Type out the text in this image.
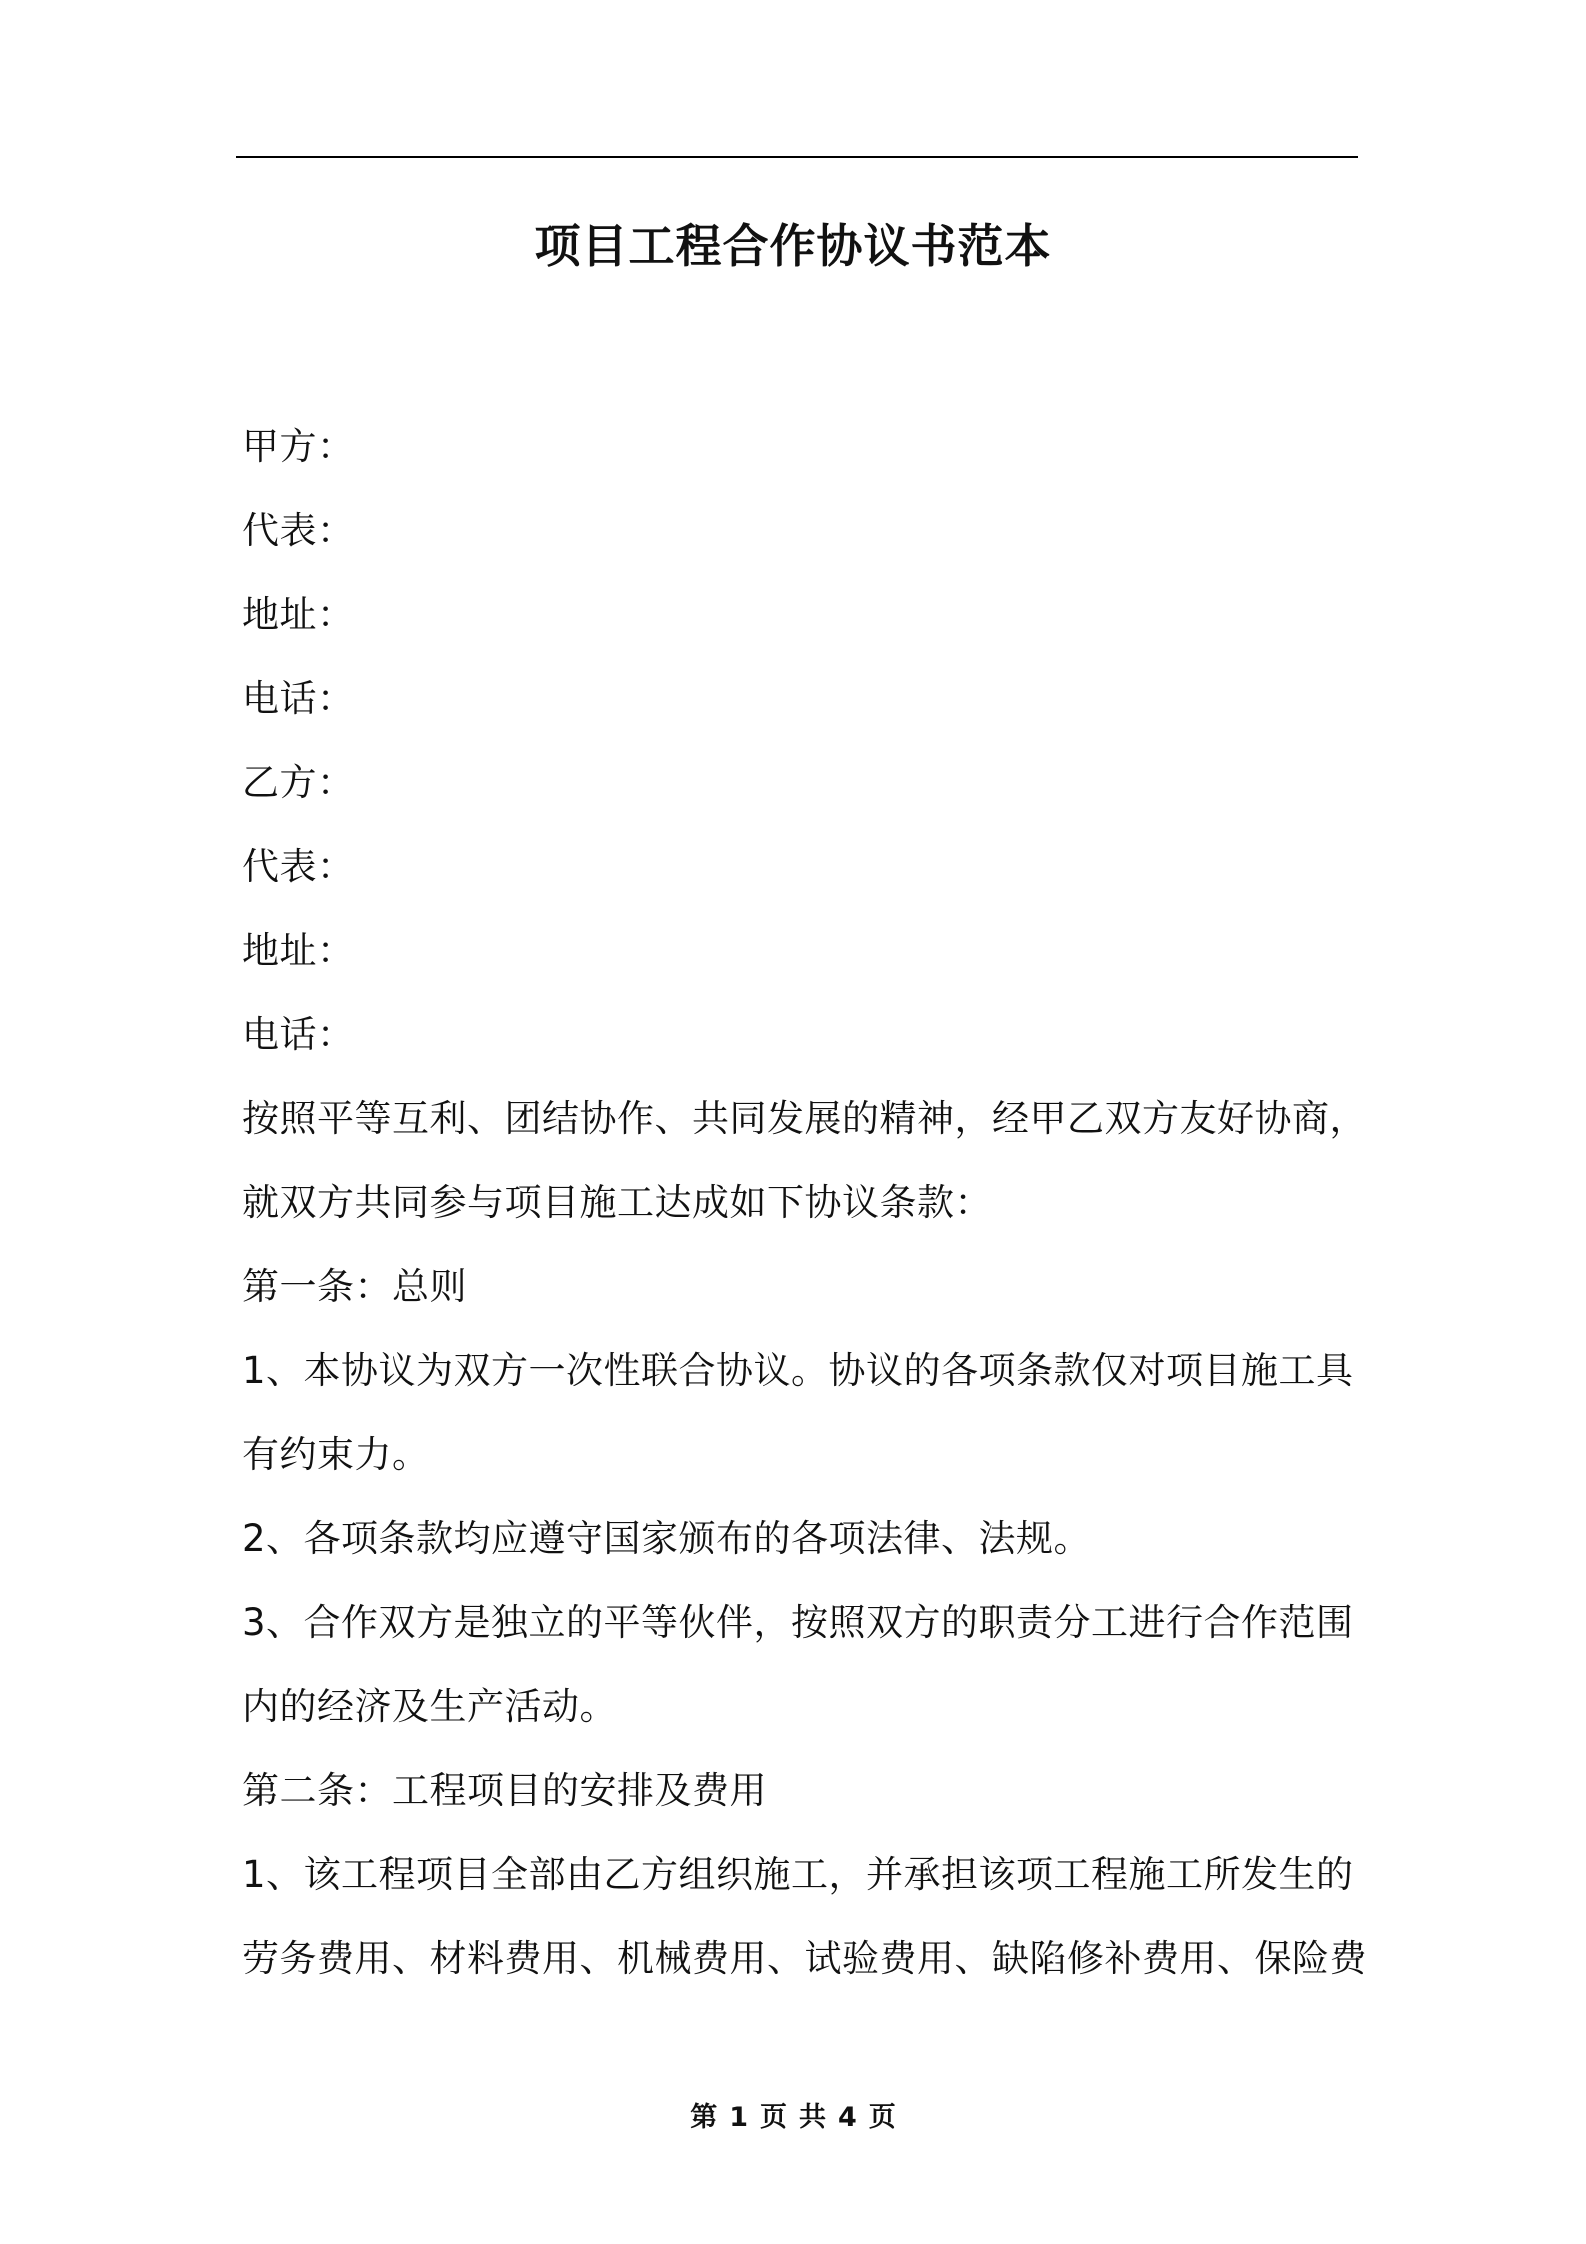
项目工程合作协议书范本
甲方：
代表：
地址：
电话：
乙方：
代表：
地址：
电话：
按照平等互利、团结协作、共同发展的精神，经甲乙双方友好协商，
就双方共同参与项目施工达成如下协议条款：
第一条：总则
1、本协议为双方一次性联合协议。协议的各项条款仅对项目施工具
有约束力。
2、各项条款均应遵守国家颁布的各项法律、法规。
3、合作双方是独立的平等伙伴，按照双方的职责分工进行合作范围
内的经济及生产活动。
第二条：工程项目的安排及费用
1、该工程项目全部由乙方组织施工，并承担该项工程施工所发生的
劳务费用、材料费用、机械费用、试验费用、缺陷修补费用、保险费
第 1 页 共 4 页
